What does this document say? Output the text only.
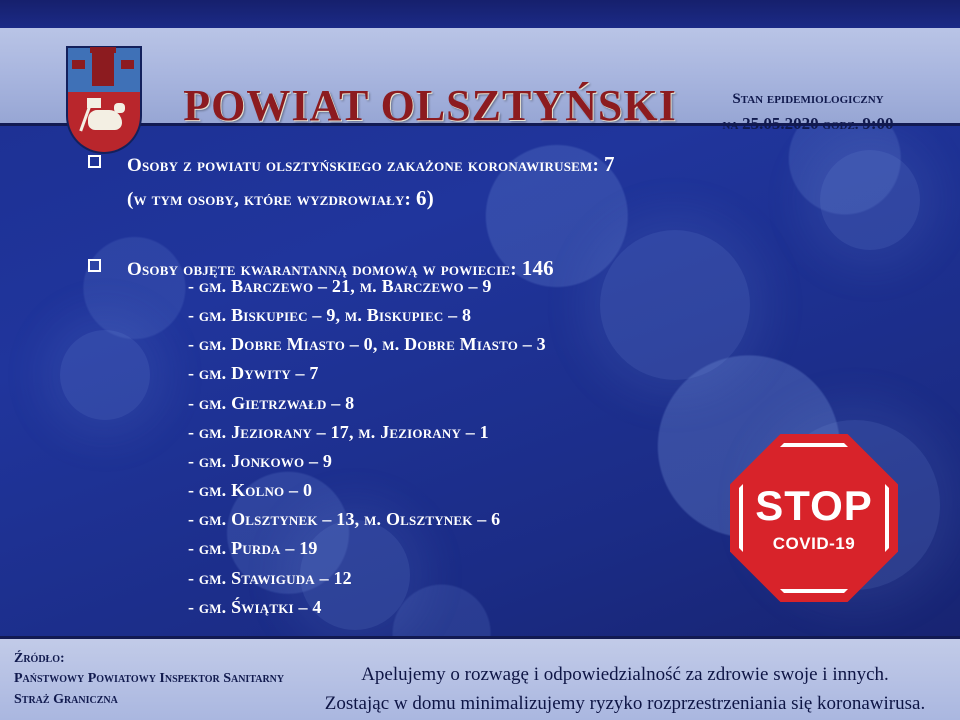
POWIAT OLSZTYŃSKI	Stan epidemiologiczny
na 25.05.2020 godz. 9:00
Osoby z powiatu olsztyńskiego zakażone koronawirusem: 7
(w tym osoby, które wyzdrowiały: 6)
Osoby objęte kwarantanną domową w powiecie: 146
- gm. Barczewo – 21, m. Barczewo – 9
- gm. Biskupiec – 9, m. Biskupiec – 8
- gm. Dobre Miasto – 0, m. Dobre Miasto – 3
- gm. Dywity – 7
- gm. Gietrzwałd – 8
- gm. Jeziorany – 17, m. Jeziorany – 1
- gm. Jonkowo – 9
- gm. Kolno – 0
- gm. Olsztynek – 13, m. Olsztynek – 6
- gm. Purda – 19
- gm. Stawiguda – 12
- gm. Świątki – 4
STOP
COVID-19
Źródło:
Państwowy Powiatowy Inspektor Sanitarny
Straż Graniczna
Apelujemy o rozwagę i odpowiedzialność za zdrowie swoje i innych.
Zostając w domu minimalizujemy ryzyko rozprzestrzeniania się koronawirusa.
